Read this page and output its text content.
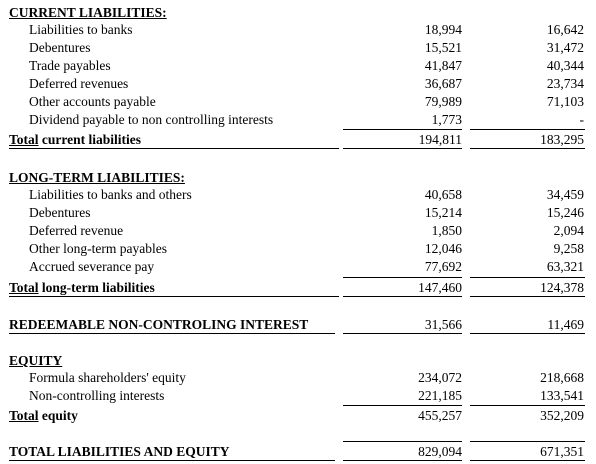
CURRENT LIABILITIES:
Liabilities to banks	18,994	16,642
Debentures	15,521	31,472
Trade payables	41,847	40,344
Deferred revenues	36,687	23,734
Other accounts payable	79,989	71,103
Dividend payable to non controlling interests	1,773	-
Total current liabilities	194,811	183,295
LONG-TERM LIABILITIES:
Liabilities to banks and others	40,658	34,459
Debentures	15,214	15,246
Deferred revenue	1,850	2,094
Other long-term payables	12,046	9,258
Accrued severance pay	77,692	63,321
Total long-term liabilities	147,460	124,378
REDEEMABLE NON-CONTROLING INTEREST	31,566	11,469
EQUITY
Formula shareholders' equity	234,072	218,668
Non-controlling interests	221,185	133,541
Total equity	455,257	352,209
TOTAL LIABILITIES AND EQUITY	829,094	671,351
